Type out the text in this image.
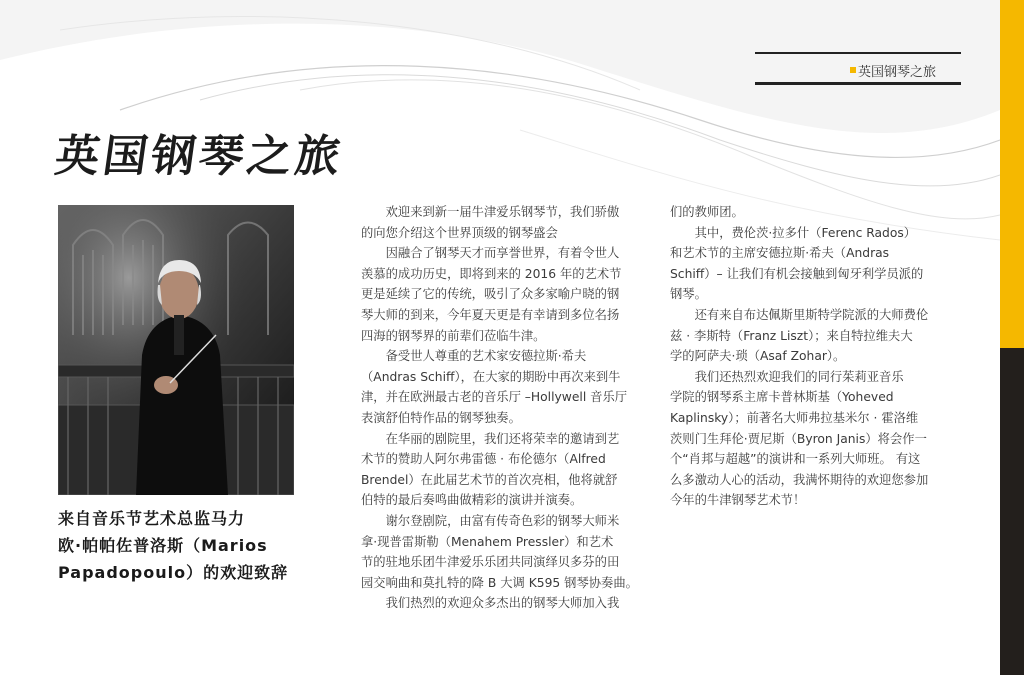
英国钢琴之旅
英国钢琴之旅
来自音乐节艺术总监马力
欧·帕帕佐普洛斯（Marios
Papadopoulo）的欢迎致辞
　　欢迎来到新一届牛津爱乐钢琴节，我们骄傲
的向您介绍这个世界顶级的钢琴盛会
　　因融合了钢琴天才而享誉世界，有着令世人
羡慕的成功历史，即将到来的 2016 年的艺术节
更是延续了它的传统，吸引了众多家喻户晓的钢
琴大师的到来，今年夏天更是有幸请到多位名扬
四海的钢琴界的前辈们莅临牛津。
　　备受世人尊重的艺术家安德拉斯·希夫
（Andras Schiff），在大家的期盼中再次来到牛
津，并在欧洲最古老的音乐厅 –Hollywell 音乐厅
表演舒伯特作品的钢琴独奏。
　　在华丽的剧院里，我们还将荣幸的邀请到艺
术节的赞助人阿尔弗雷德 · 布伦德尔（Alfred
Brendel）在此届艺术节的首次亮相，他将就舒
伯特的最后奏鸣曲做精彩的演讲并演奏。
　　谢尔登剧院，由富有传奇色彩的钢琴大师米
拿·现普雷斯勒（Menahem Pressler）和艺术
节的驻地乐团牛津爱乐乐团共同演绎贝多芬的田
园交响曲和莫扎特的降 B 大调 K595 钢琴协奏曲。
　　我们热烈的欢迎众多杰出的钢琴大师加入我
们的教师团。
　　其中，费伦茨·拉多什（Ferenc Rados）
和艺术节的主席安德拉斯·希夫（Andras
Schiff）– 让我们有机会接触到匈牙利学员派的
钢琴。
　　还有来自布达佩斯里斯特学院派的大师费伦
兹 · 李斯特（Franz Liszt）；来自特拉维夫大
学的阿萨夫·琐（Asaf Zohar）。
　　我们还热烈欢迎我们的同行茱莉亚音乐
学院的钢琴系主席卡普林斯基（Yoheved
Kaplinsky）；前著名大师弗拉基米尔 · 霍洛维
茨则门生拜伦·贾尼斯（Byron Janis）将会作一
个“肖邦与超越”的演讲和一系列大师班。 有这
么多激动人心的活动，我满怀期待的欢迎您参加
今年的牛津钢琴艺术节！
